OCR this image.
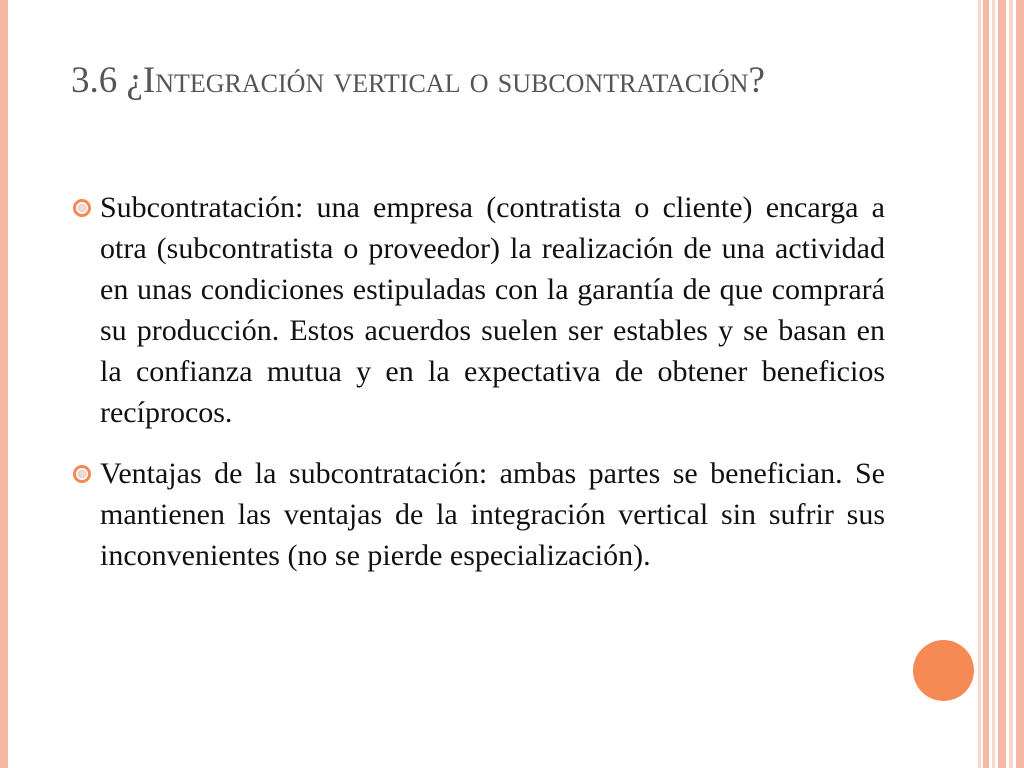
3.6 ¿Integración vertical o subcontratación?

Subcontratación: una empresa (contratista o cliente) encarga a otra (subcontratista o proveedor) la realización de una actividad en unas condiciones estipuladas con la garantía de que comprará su producción. Estos acuerdos suelen ser estables y se basan en la confianza mutua y en la expectativa de obtener beneficios recíprocos.

Ventajas de la subcontratación: ambas partes se benefician. Se mantienen las ventajas de la integración vertical sin sufrir sus inconvenientes (no se pierde especialización).
